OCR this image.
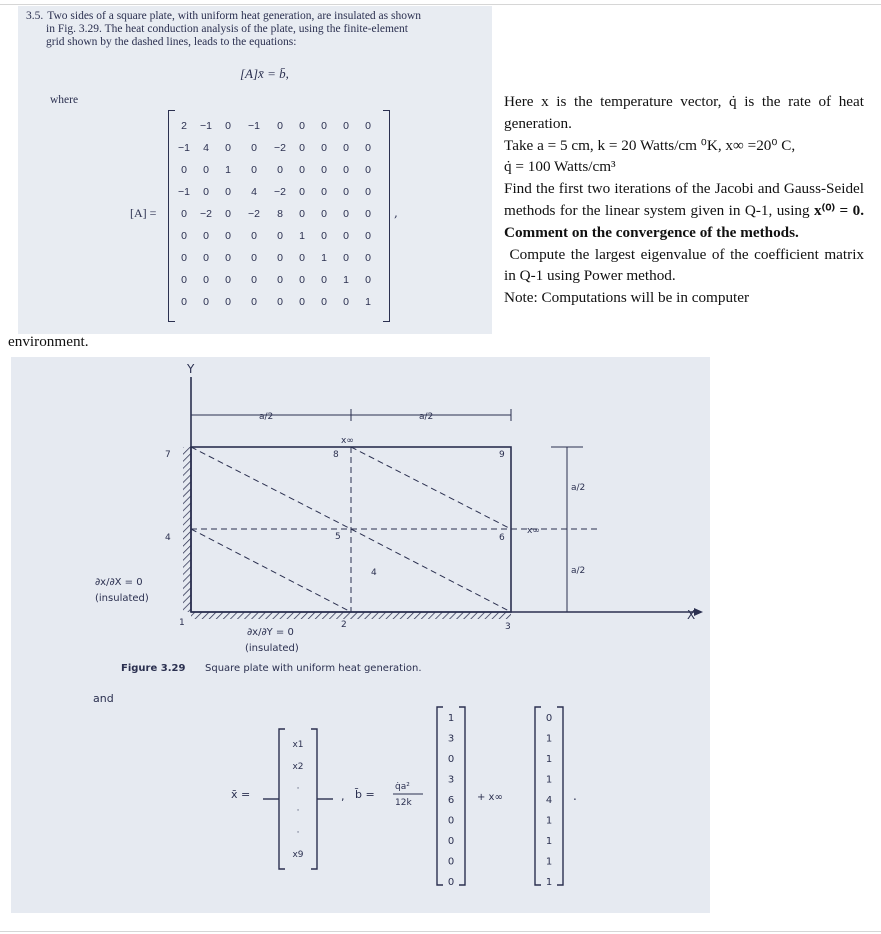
3.5. Two sides of a square plate, with uniform heat generation, are insulated as shown
in Fig. 3.29. The heat conduction analysis of the plate, using the finite-element
grid shown by the dashed lines, leads to the equations:
[A]x̄ = b̄,
where
[A] =
2	−1	0	−1	0	0	0	0	0
−1	4	0	0	−2	0	0	0	0
0	0	1	0	0	0	0	0	0
−1	0	0	4	−2	0	0	0	0
0	−2	0	−2	8	0	0	0	0
0	0	0	0	0	1	0	0	0
0	0	0	0	0	0	1	0	0
0	0	0	0	0	0	0	1	0
0	0	0	0	0	0	0	0	1
,

Here x is the temperature vector, q̇ is the rate of heat generation.

Take a = 5 cm, k = 20 Watts/cm ⁰K, x∞ =20⁰ C,

q̇ = 100 Watts/cm³

Find the first two iterations of the Jacobi and Gauss-Seidel methods for the linear system given in Q-1, using x⁽⁰⁾ = 0. Comment on the convergence of the methods.

Compute the largest eigenvalue of the coefficient matrix in Q-1 using Power method.

Note: Computations will be in computer

environment.
Y
X
a/2	a/2
a/2
a/2
x∞
x∞
1	2	3
4
5	6
7	8	9
4
∂x/∂X = 0
(insulated)
∂x/∂Y = 0
(insulated)
Figure 3.29 Square plate with uniform heat generation.
and
x̄ =
x1
x2
·
·
·
x9
, b̄ =
q̇a²
12k
1
3
0
3
6
0
0
0
0
+ x∞
0
1
1
1
4
1
1
1
1
.
